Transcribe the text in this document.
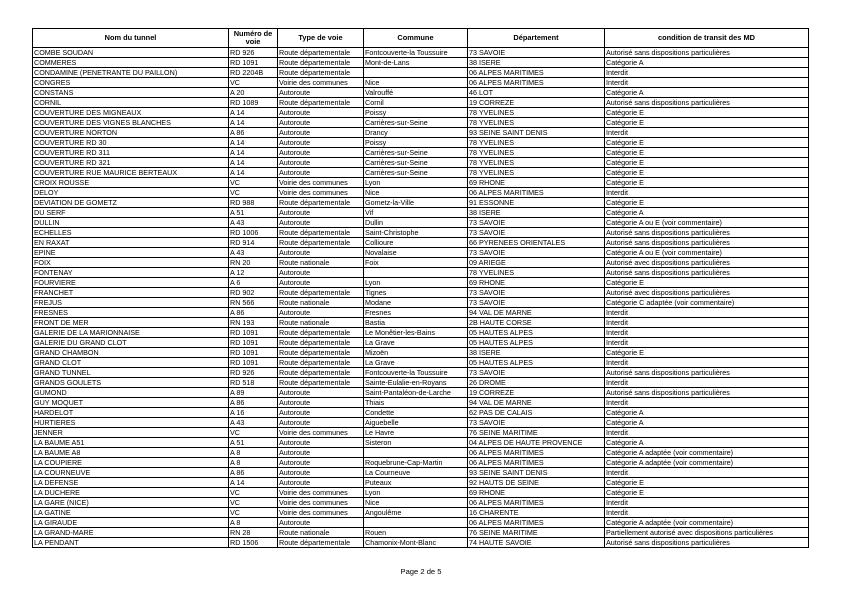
Nom du tunnel	Numéro de voie	Type de voie	Commune	Département	condition de transit des MD
COMBE SOUDAN	RD 926	Route départementale	Fontcouverte-la Toussuire	73 SAVOIE	Autorisé sans dispositions particulières
COMMERES	RD 1091	Route départementale	Mont-de-Lans	38 ISERE	Catégorie A
CONDAMINE (PENETRANTE DU PAILLON)	RD 2204B	Route départementale		06 ALPES MARITIMES	Interdit
CONGRES	VC	Voirie des communes	Nice	06 ALPES MARITIMES	Interdit
CONSTANS	A 20	Autoroute	Valrouffé	46 LOT	Catégorie A
CORNIL	RD 1089	Route départementale	Cornil	19 CORREZE	Autorisé sans dispositions particulières
COUVERTURE DES MIGNEAUX	A 14	Autoroute	Poissy	78 YVELINES	Catégorie E
COUVERTURE DES VIGNES BLANCHES	A 14	Autoroute	Carrières-sur-Seine	78 YVELINES	Catégorie E
COUVERTURE NORTON	A 86	Autoroute	Drancy	93 SEINE SAINT DENIS	Interdit
COUVERTURE RD 30	A 14	Autoroute	Poissy	78 YVELINES	Catégorie E
COUVERTURE RD 311	A 14	Autoroute	Carrières-sur-Seine	78 YVELINES	Catégorie E
COUVERTURE RD 321	A 14	Autoroute	Carrières-sur-Seine	78 YVELINES	Catégorie E
COUVERTURE RUE MAURICE BERTEAUX	A 14	Autoroute	Carrières-sur-Seine	78 YVELINES	Catégorie E
CROIX ROUSSE	VC	Voirie des communes	Lyon	69 RHONE	Catégorie E
DELOY	VC	Voirie des communes	Nice	06 ALPES MARITIMES	Interdit
DEVIATION DE GOMETZ	RD 988	Route départementale	Gometz-la-Ville	91 ESSONNE	Catégorie E
DU SERF	A 51	Autoroute	Vif	38 ISERE	Catégorie A
DULLIN	A 43	Autoroute	Dullin	73 SAVOIE	Catégorie A ou E (voir commentaire)
ECHELLES	RD 1006	Route départementale	Saint-Christophe	73 SAVOIE	Autorisé sans dispositions particulières
EN RAXAT	RD 914	Route départementale	Collioure	66 PYRENEES ORIENTALES	Autorisé sans dispositions particulières
EPINE	A 43	Autoroute	Novalaise	73 SAVOIE	Catégorie A ou E (voir commentaire)
FOIX	RN 20	Route nationale	Foix	09 ARIEGE	Autorisé avec dispositions particulières
FONTENAY	A 12	Autoroute		78 YVELINES	Autorisé sans dispositions particulières
FOURVIERE	A 6	Autoroute	Lyon	69 RHONE	Catégorie E
FRANCHET	RD 902	Route départementale	Tignes	73 SAVOIE	Autorisé avec dispositions particulières
FREJUS	RN 566	Route nationale	Modane	73 SAVOIE	Catégorie C adaptée (voir commentaire)
FRESNES	A 86	Autoroute	Fresnes	94 VAL DE MARNE	Interdit
FRONT DE MER	RN 193	Route nationale	Bastia	2B HAUTE CORSE	Interdit
GALERIE DE LA MARIONNAISE	RD 1091	Route départementale	Le Monêtier-les-Bains	05 HAUTES ALPES	Interdit
GALERIE DU GRAND CLOT	RD 1091	Route départementale	La Grave	05 HAUTES ALPES	Interdit
GRAND CHAMBON	RD 1091	Route départementale	Mizoën	38 ISERE	Catégorie E
GRAND CLOT	RD 1091	Route départementale	La Grave	05 HAUTES ALPES	Interdit
GRAND TUNNEL	RD 926	Route départementale	Fontcouverte-la Toussuire	73 SAVOIE	Autorisé sans dispositions particulières
GRANDS GOULETS	RD 518	Route départementale	Sainte-Eulalie-en-Royans	26 DROME	Interdit
GUMOND	A 89	Autoroute	Saint-Pantaléon-de-Larche	19 CORREZE	Autorisé sans dispositions particulières
GUY MOQUET	A 86	Autoroute	Thiais	94 VAL DE MARNE	Interdit
HARDELOT	A 16	Autoroute	Condette	62 PAS DE CALAIS	Catégorie A
HURTIERES	A 43	Autoroute	Aiguebelle	73 SAVOIE	Catégorie A
JENNER	VC	Voirie des communes	Le Havre	76 SEINE MARITIME	Interdit
LA BAUME A51	A 51	Autoroute	Sisteron	04 ALPES DE HAUTE PROVENCE	Catégorie A
LA BAUME A8	A 8	Autoroute		06 ALPES MARITIMES	Catégorie A adaptée (voir commentaire)
LA COUPIERE	A 8	Autoroute	Roquebrune-Cap-Martin	06 ALPES MARITIMES	Catégorie A adaptée (voir commentaire)
LA COURNEUVE	A 86	Autoroute	La Courneuve	93 SEINE SAINT DENIS	Interdit
LA DEFENSE	A 14	Autoroute	Puteaux	92 HAUTS DE SEINE	Catégorie E
LA DUCHERE	VC	Voirie des communes	Lyon	69 RHONE	Catégorie E
LA GARE (NICE)	VC	Voirie des communes	Nice	06 ALPES MARITIMES	Interdit
LA GATINE	VC	Voirie des communes	Angoulême	16 CHARENTE	Interdit
LA GIRAUDE	A 8	Autoroute		06 ALPES MARITIMES	Catégorie A adaptée (voir commentaire)
LA GRAND-MARE	RN 28	Route nationale	Rouen	76 SEINE MARITIME	Partiellement autorisé avec dispositions particulières
LA PENDANT	RD 1506	Route départementale	Chamonix-Mont-Blanc	74 HAUTE SAVOIE	Autorisé sans dispositions particulières
Page 2 de 5
